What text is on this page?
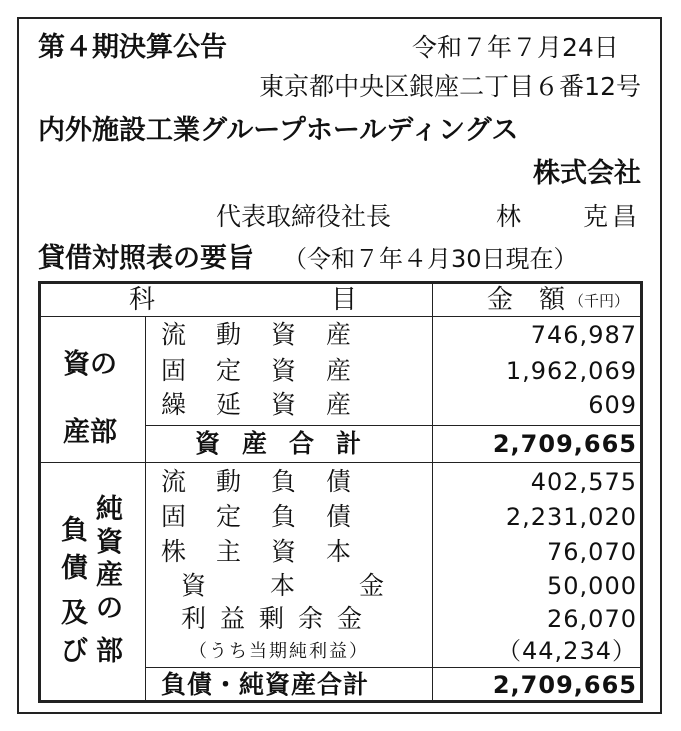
第４期決算公告	令和７年７月24日
東京都中央区銀座二丁目６番12号
内外施設工業グループホールディングス
株式会社
代表取締役社長	林　　克昌
貸借対照表の要旨 （令和７年４月30日現在）
科	目	金　額 （千円）
資の
産部
流動資産	746,987
固定資産	1,962,069
繰延資産	609
資産合計	2,709,665
負
債
及
び
純
資
産
の
部
流動負債	402,575
固定負債	2,231,020
株主資本	76,070
資本金	50,000
利益剰余金	26,070
（うち当期純利益）	（44,234）
負債・純資産合計	2,709,665
